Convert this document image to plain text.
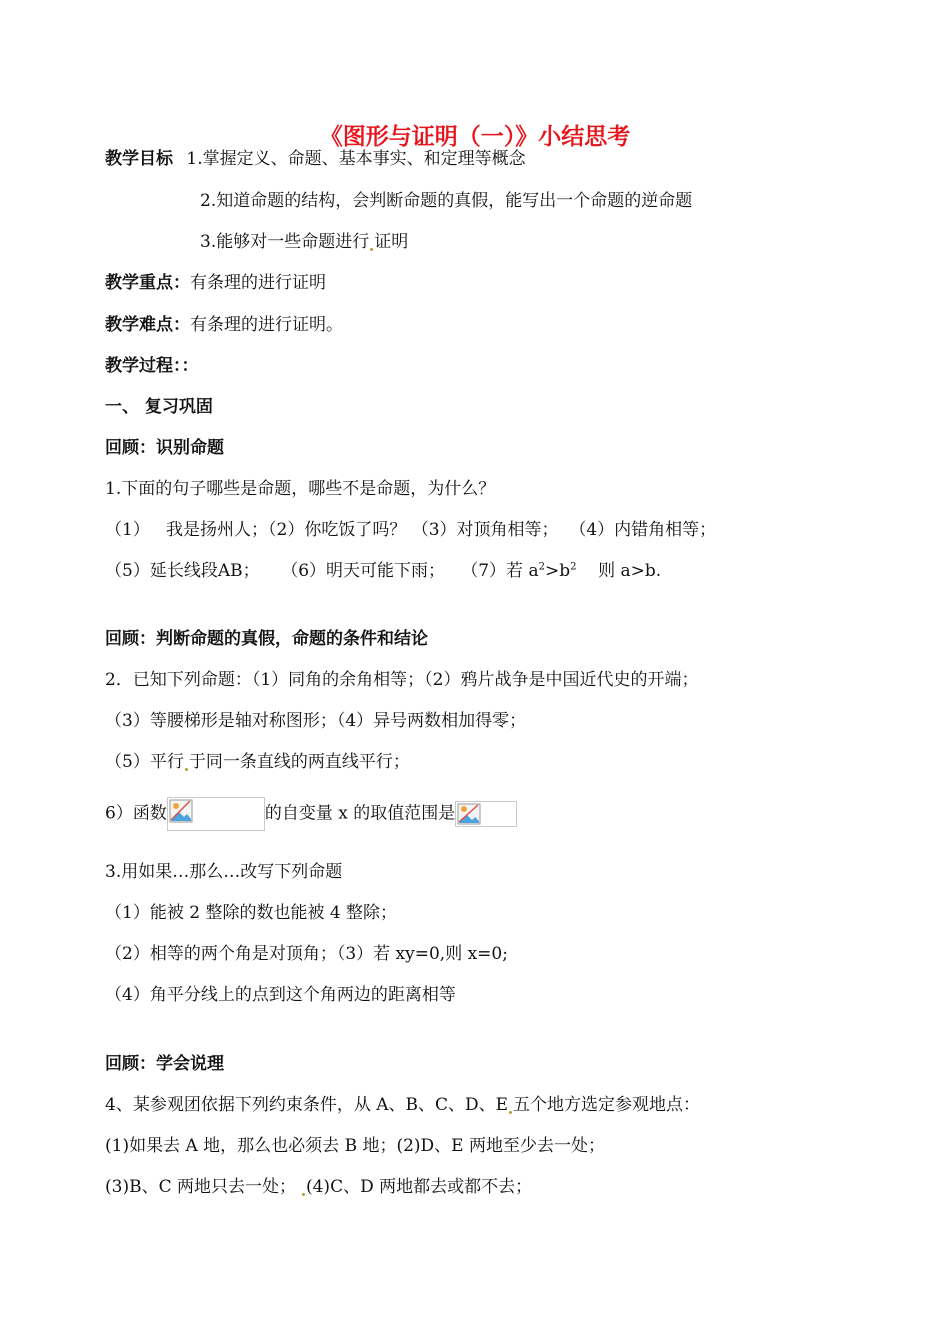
《图形与证明（一）》小结思考
教学目标 1.掌握定义、命题、基本事实、和定理等概念
2.知道命题的结构，会判断命题的真假，能写出一个命题的逆命题
3.能够对一些命题进行 证明
教学重点：有条理的进行证明
教学难点：有条理的进行证明。
教学过程：：
一、 复习巩固
回顾：识别命题
1.下面的句子哪些是命题，哪些不是命题，为什么？
（1）   我是扬州人；（2）你吃饭了吗？ （3）对顶角相等；  （4）内错角相等；
（5）延长线段AB；    （6）明天可能下雨；   （7）若 $a^2>b^2$    则 a>b.
回顾：判断命题的真假，命题的条件和结论
2．已知下列命题：（1）同角的余角相等；（2）鸦片战争是中国近代史的开端；
（3）等腰梯形是轴对称图形；（4）异号两数相加得零；
（5）平行 于同一条直线的两直线平行；
6）函数	的自变量 x 的取值范围是
3.用如果…那么…改写下列命题
（1）能被 2 整除的数也能被 4 整除；
（2）相等的两个角是对顶角；（3）若 xy=0,则 x=0;
（4）角平分线上的点到这个角两边的距离相等
回顾：学会说理
4、某参观团依据下列约束条件，从 A、B、C、D、E 五个地方选定参观地点：
(1)如果去 A 地，那么也必须去 B 地；(2)D、E 两地至少去一处；
(3)B、C 两地只去一处； (4)C、D 两地都去或都不去；
